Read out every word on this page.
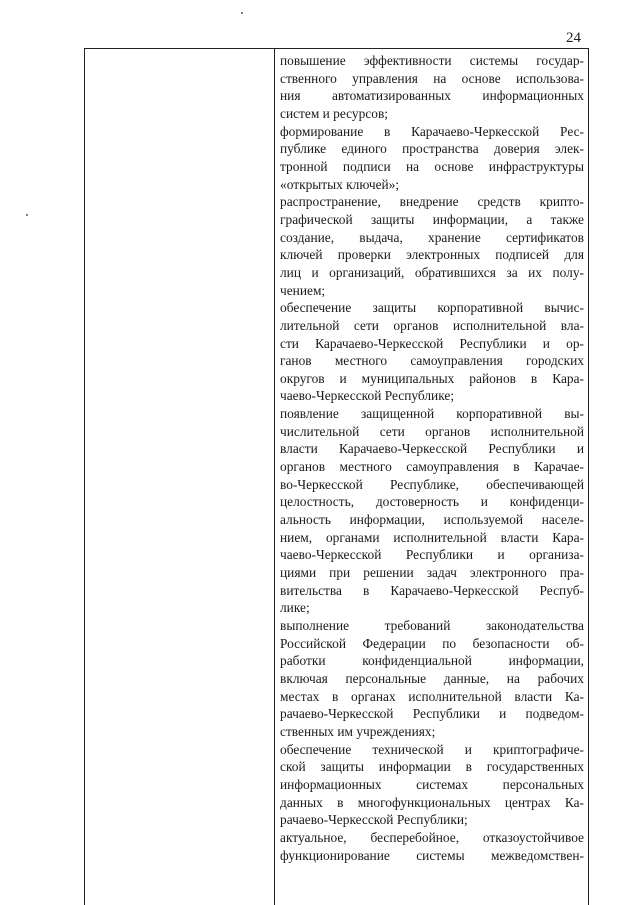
24
повышение эффективности системы государ-
ственного управления на основе использова-
ния автоматизированных информационных
систем и ресурсов;
формирование в Карачаево-Черкесской Рес-
публике единого пространства доверия элек-
тронной подписи на основе инфраструктуры
«открытых ключей»;
распространение, внедрение средств крипто-
графической защиты информации, а также
создание, выдача, хранение сертификатов
ключей проверки электронных подписей для
лиц и организаций, обратившихся за их полу-
чением;
обеспечение защиты корпоративной вычис-
лительной сети органов исполнительной вла-
сти Карачаево-Черкесской Республики и ор-
ганов местного самоуправления городских
округов и муниципальных районов в Кара-
чаево-Черкесской Республике;
появление защищенной корпоративной вы-
числительной сети органов исполнительной
власти Карачаево-Черкесской Республики и
органов местного самоуправления в Карачае-
во-Черкесской Республике, обеспечивающей
целостность, достоверность и конфиденци-
альность информации, используемой населе-
нием, органами исполнительной власти Кара-
чаево-Черкесской Республики и организа-
циями при решении задач электронного пра-
вительства в Карачаево-Черкесской Респуб-
лике;
выполнение требований законодательства
Российской Федерации по безопасности об-
работки конфиденциальной информации,
включая персональные данные, на рабочих
местах в органах исполнительной власти Ка-
рачаево-Черкесской Республики и подведом-
ственных им учреждениях;
обеспечение технической и криптографиче-
ской защиты информации в государственных
информационных системах персональных
данных в многофункциональных центрах Ка-
рачаево-Черкесской Республики;
актуальное, бесперебойное, отказоустойчивое
функционирование системы межведомствен-
